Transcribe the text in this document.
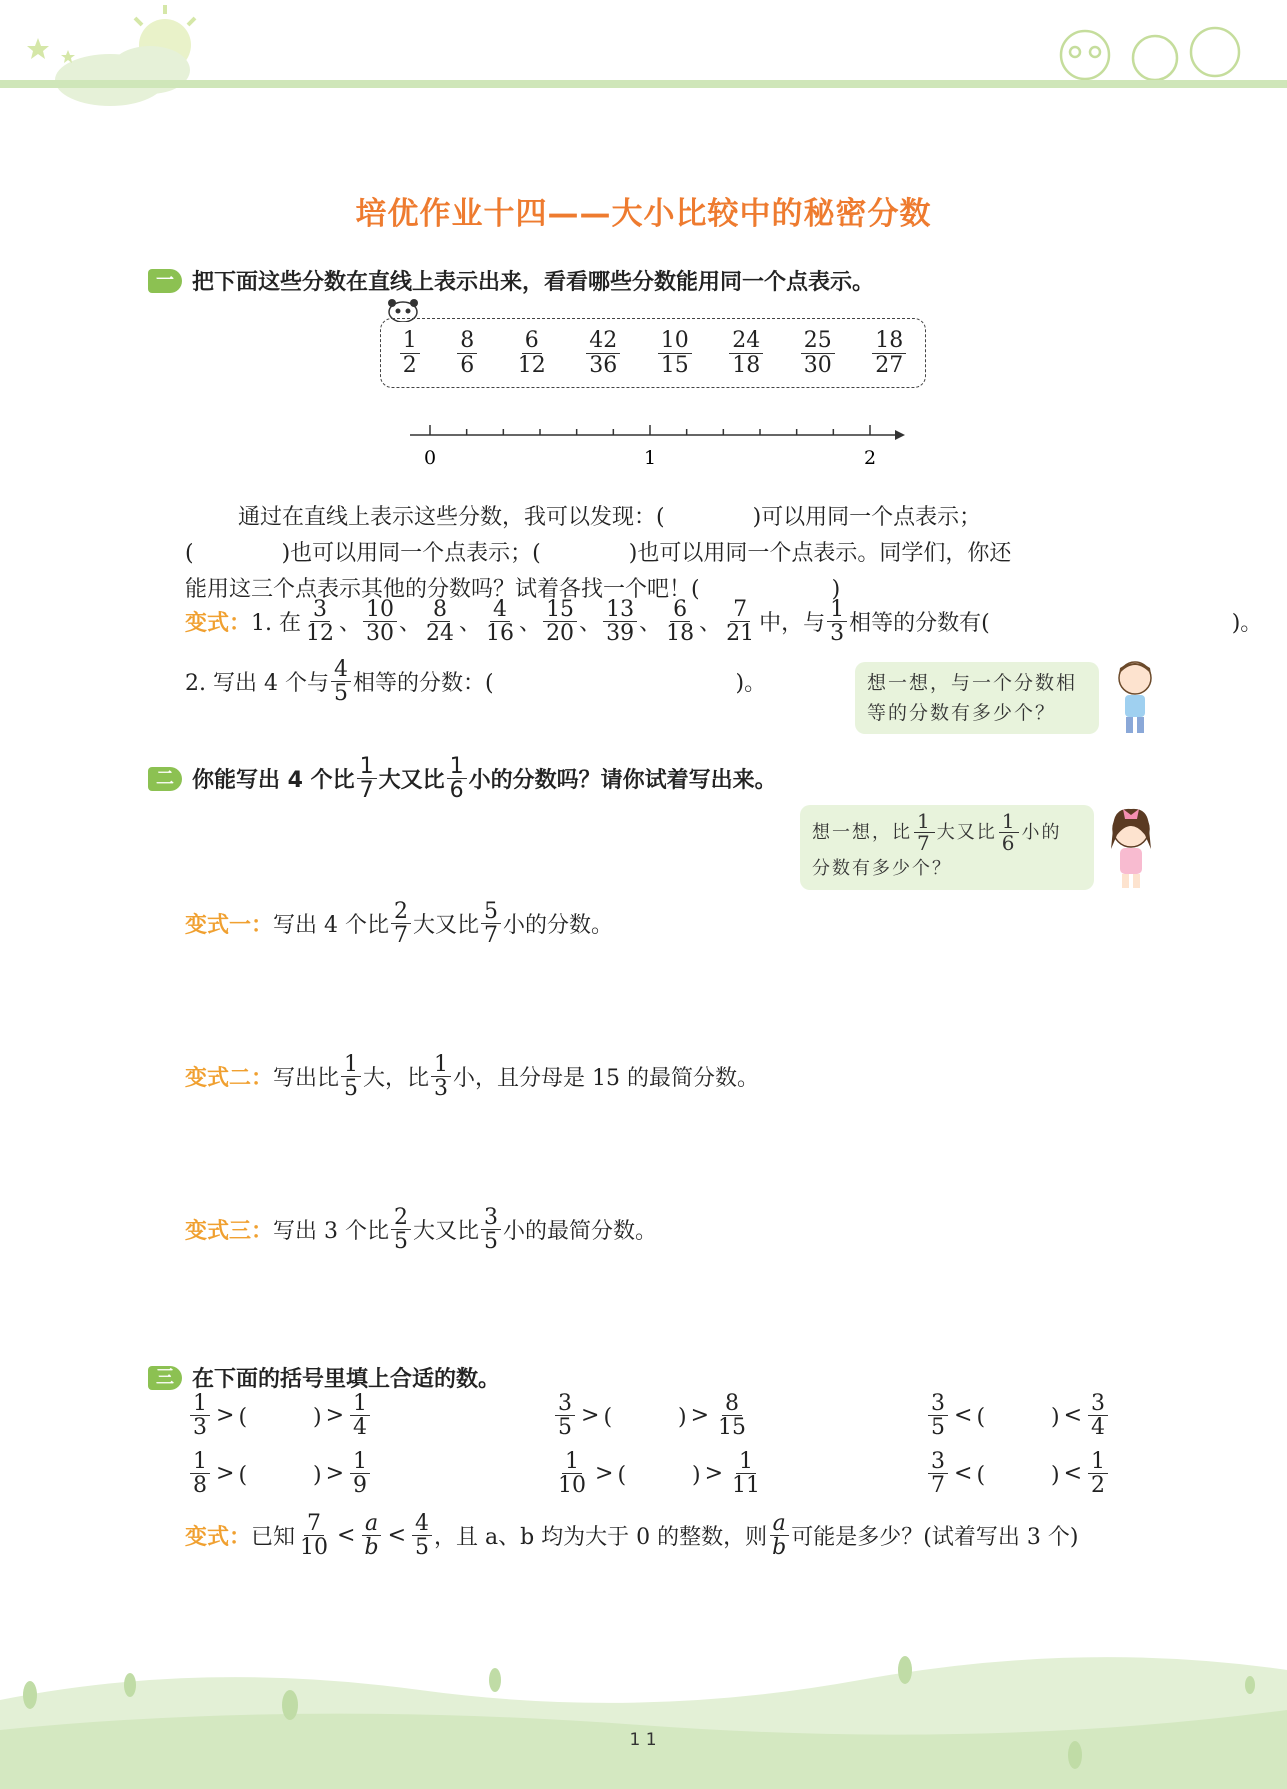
培优作业十四——大小比较中的秘密分数
一 把下面这些分数在直线上表示出来，看看哪些分数能用同一个点表示。
$\frac{1}{2} \frac{8}{6} \frac{6}{12} \frac{42}{36} \frac{10}{15} \frac{24}{18} \frac{25}{30} \frac{18}{27}$
0	1	2
通过在直线上表示这些分数，我可以发现：(　　　　)可以用同一个点表示；
(　　　　)也可以用同一个点表示；(　　　　)也可以用同一个点表示。同学们，你还
能用这三个点表示其他的分数吗？试着各找一个吧！(　　　　　　)
变式： 1. 在 $\frac{3}{12}$ 、 $\frac{10}{30}$ 、 $\frac{8}{24}$ 、 $\frac{4}{16}$ 、 $\frac{15}{20}$ 、 $\frac{13}{39}$ 、 $\frac{6}{18}$ 、 $\frac{7}{21}$ 中，与 $\frac{1}{3}$ 相等的分数有(　　　　　　　　　　　)。
2. 写出 4 个与 $\frac{4}{5}$ 相等的分数：(　　　　　　　　　　　)。	想一想，与一个分数相等的分数有多少个？
二 你能写出 4 个比 $\frac{1}{7}$ 大又比 $\frac{1}{6}$ 小的分数吗？请你试着写出来。
想一想，比 $\frac{1}{7}$ 大又比 $\frac{1}{6}$ 小的
分数有多少个？
变式一： 写出 4 个比 $\frac{2}{7}$ 大又比 $\frac{5}{7}$ 小的分数。
变式二： 写出比 $\frac{1}{5}$ 大，比 $\frac{1}{3}$ 小，且分母是 15 的最简分数。
变式三： 写出 3 个比 $\frac{2}{5}$ 大又比 $\frac{3}{5}$ 小的最简分数。
三 在下面的括号里填上合适的数。
$\frac{1}{3}$ > (　　　) > $\frac{1}{4}$	$\frac{3}{5}$ > (　　　) > $\frac{8}{15}$	$\frac{3}{5}$ < (　　　) < $\frac{3}{4}$
$\frac{1}{8}$ > (　　　) > $\frac{1}{9}$	$\frac{1}{10}$ > (　　　) > $\frac{1}{11}$	$\frac{3}{7}$ < (　　　) < $\frac{1}{2}$
变式： 已知 $\frac{7}{10} < \frac{a}{b} < \frac{4}{5}$ ，且 a、b 均为大于 0 的整数，则 $\frac{a}{b}$ 可能是多少？(试着写出 3 个)
1 1
